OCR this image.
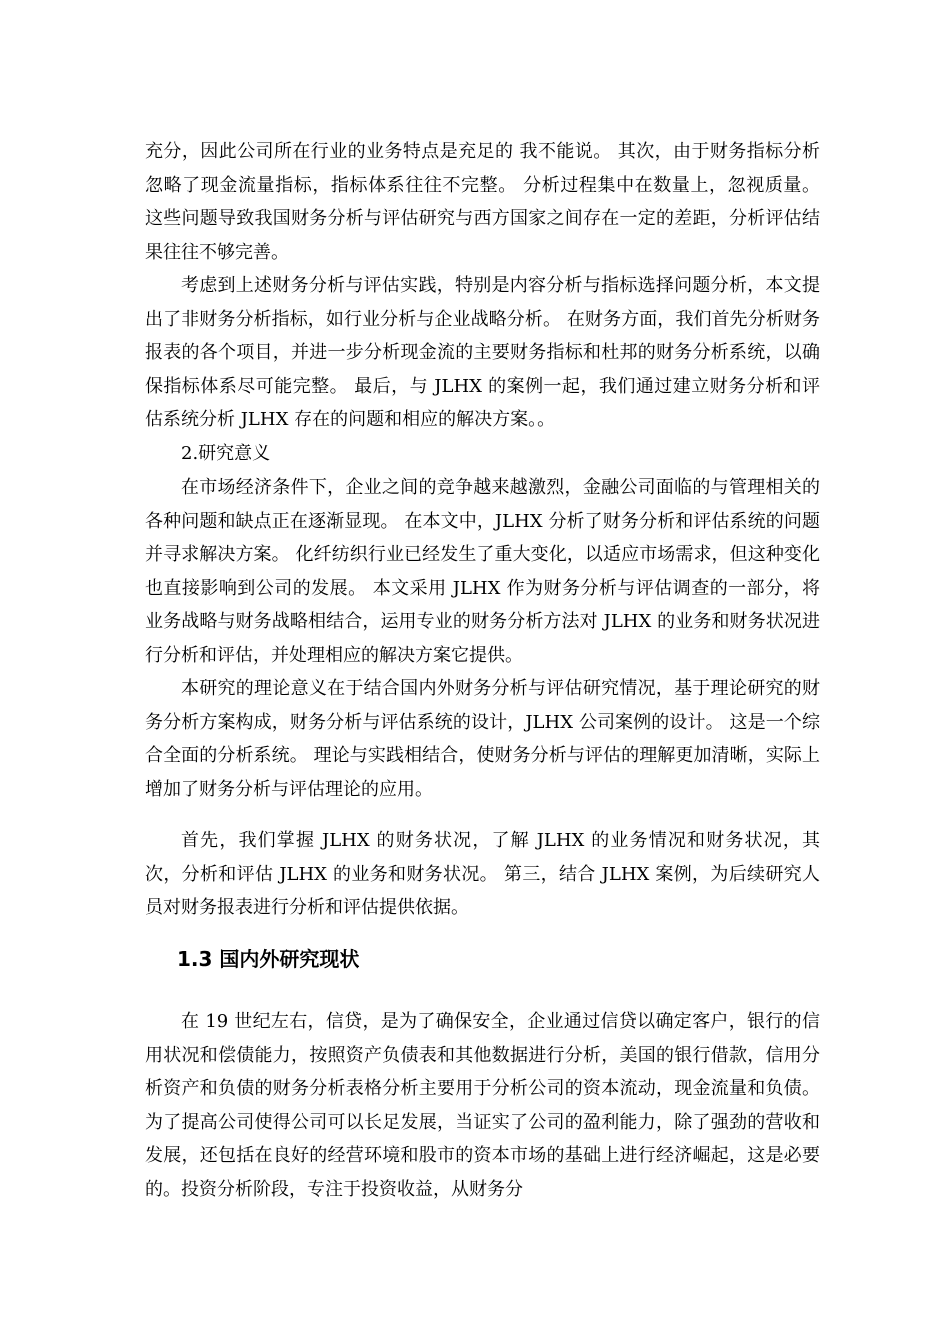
充分，因此公司所在行业的业务特点是充足的 我不能说。 其次，由于财务指标分析忽略了现金流量指标，指标体系往往不完整。 分析过程集中在数量上，忽视质量。 这些问题导致我国财务分析与评估研究与西方国家之间存在一定的差距，分析评估结果往往不够完善。

考虑到上述财务分析与评估实践，特别是内容分析与指标选择问题分析，本文提出了非财务分析指标，如行业分析与企业战略分析。 在财务方面，我们首先分析财务报表的各个项目，并进一步分析现金流的主要财务指标和杜邦的财务分析系统，以确保指标体系尽可能完整。 最后，与 JLHX 的案例一起，我们通过建立财务分析和评估系统分析 JLHX 存在的问题和相应的解决方案。。

2.研究意义

在市场经济条件下，企业之间的竞争越来越激烈，金融公司面临的与管理相关的各种问题和缺点正在逐渐显现。 在本文中，JLHX 分析了财务分析和评估系统的问题并寻求解决方案。 化纤纺织行业已经发生了重大变化，以适应市场需求，但这种变化也直接影响到公司的发展。 本文采用 JLHX 作为财务分析与评估调查的一部分，将业务战略与财务战略相结合，运用专业的财务分析方法对 JLHX 的业务和财务状况进行分析和评估，并处理相应的解决方案它提供。

本研究的理论意义在于结合国内外财务分析与评估研究情况，基于理论研究的财务分析方案构成，财务分析与评估系统的设计，JLHX 公司案例的设计。 这是一个综合全面的分析系统。 理论与实践相结合，使财务分析与评估的理解更加清晰，实际上增加了财务分析与评估理论的应用。

首先，我们掌握 JLHX 的财务状况，了解 JLHX 的业务情况和财务状况，其次，分析和评估 JLHX 的业务和财务状况。 第三，结合 JLHX 案例，为后续研究人员对财务报表进行分析和评估提供依据。

1.3 国内外研究现状

在 19 世纪左右，信贷，是为了确保安全，企业通过信贷以确定客户，银行的信用状况和偿债能力，按照资产负债表和其他数据进行分析，美国的银行借款，信用分析资产和负债的财务分析表格分析主要用于分析公司的资本流动，现金流量和负债。为了提高公司使得公司可以长足发展，当证实了公司的盈利能力，除了强劲的营收和发展，还包括在良好的经营环境和股市的资本市场的基础上进行经济崛起，这是必要的。投资分析阶段，专注于投资收益，从财务分
